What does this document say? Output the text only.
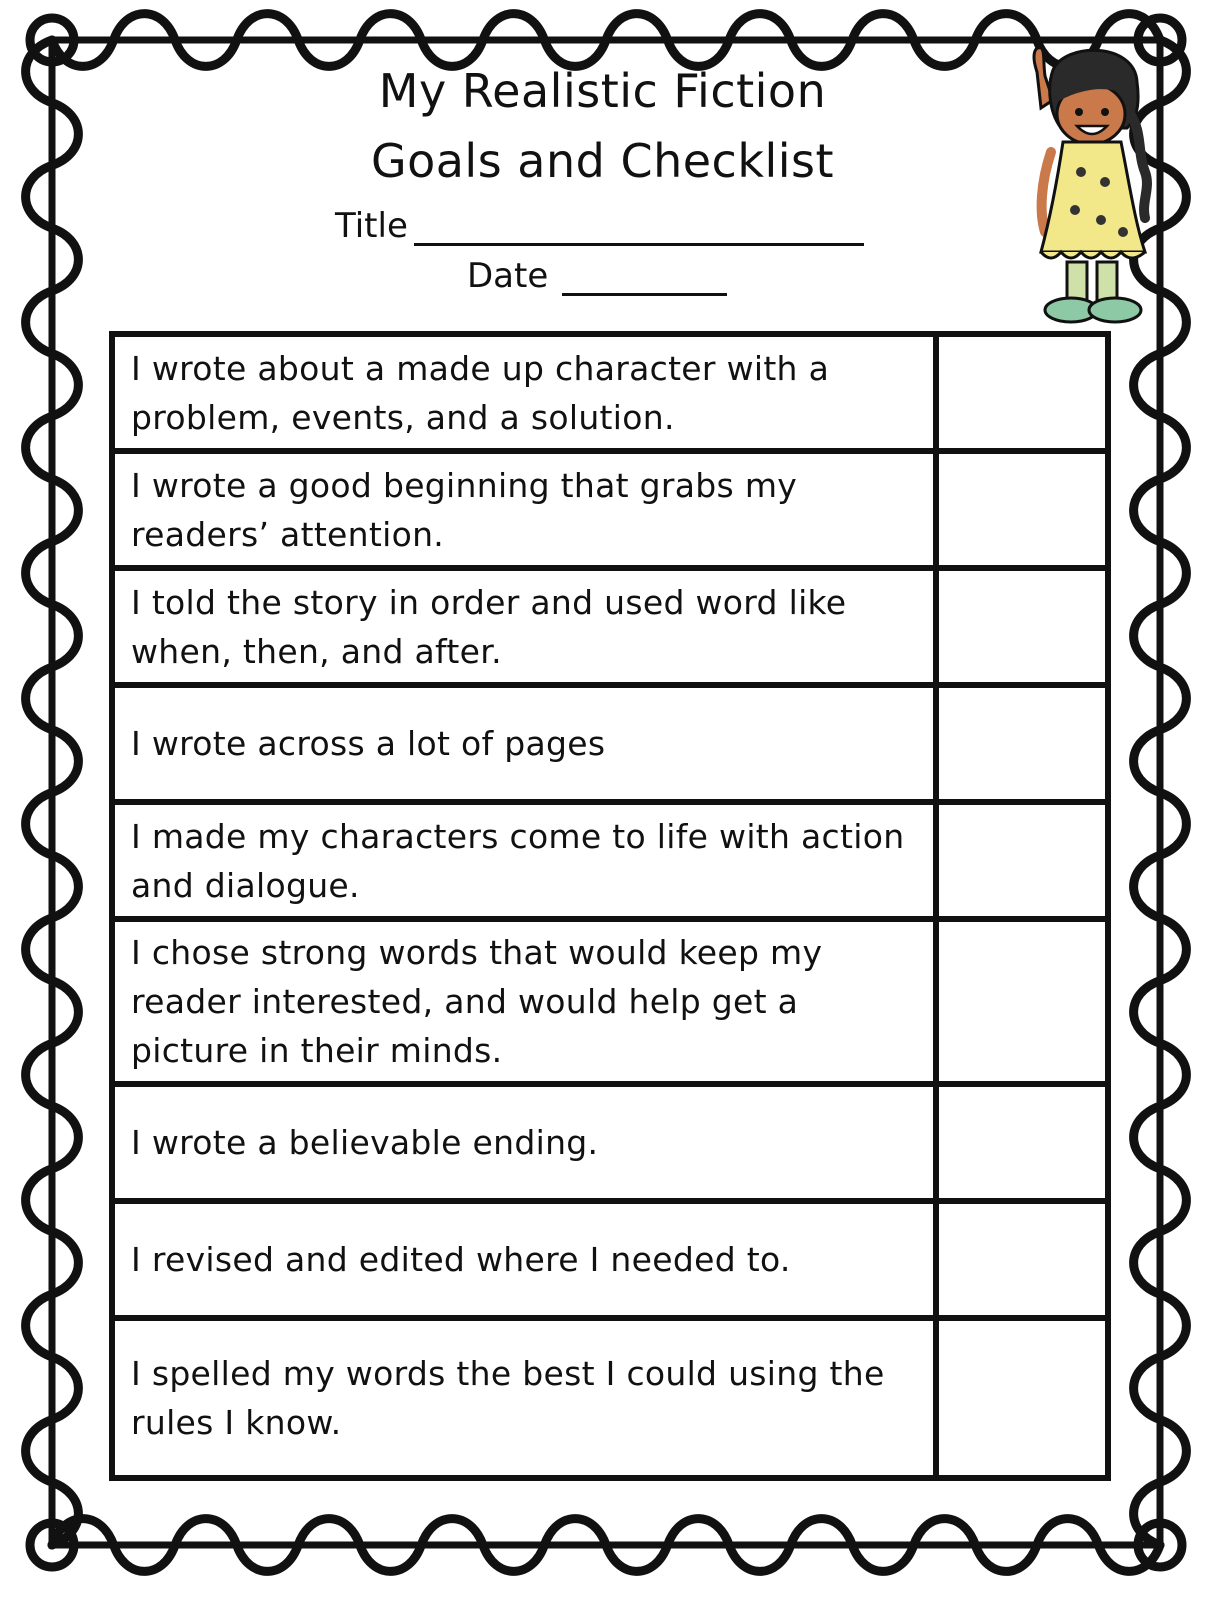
My Realistic Fiction
Goals and Checklist
Title
Date
I wrote about a made up character with a problem, events, and a solution.	
I wrote a good beginning that grabs my readers’ attention.	
I told the story in order and used word like when, then, and after.	
I wrote across a lot of pages	
I made my characters come to life with action and dialogue.	
I chose strong words that would keep my reader interested, and would help get a picture in their minds.	
I wrote a believable ending.	
I revised and edited where I needed to.	
I spelled my words the best I could using the rules I know.	
